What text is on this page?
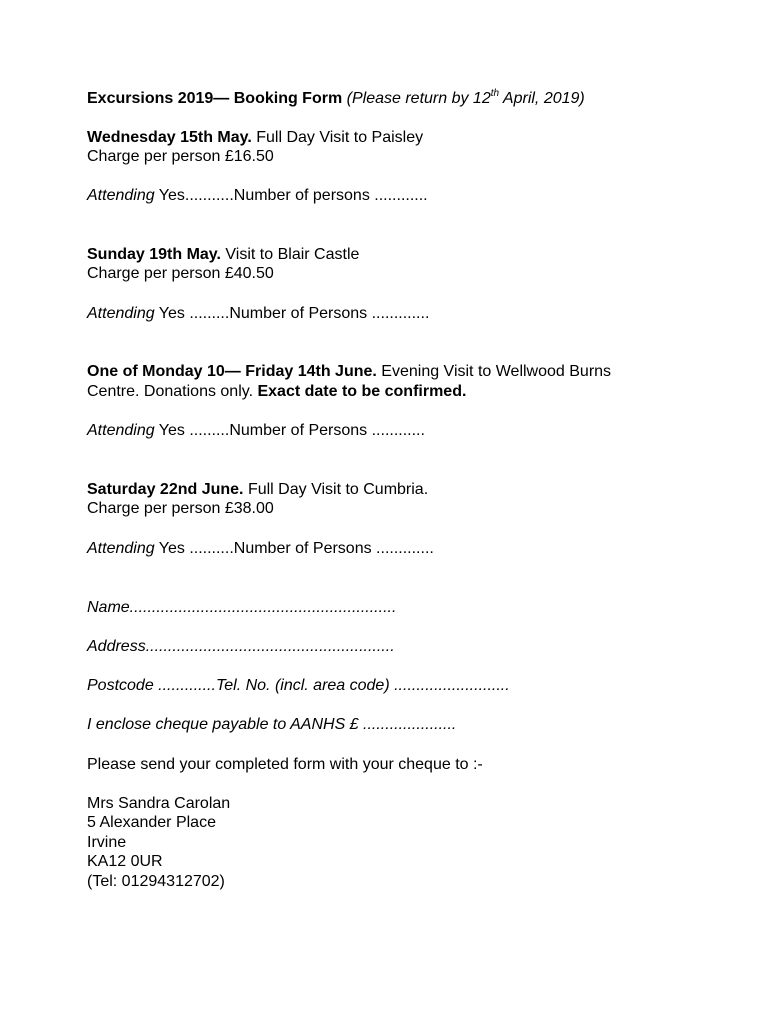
Excursions 2019— Booking Form (Please return by 12th April, 2019)
Wednesday 15th May. Full Day Visit to Paisley
Charge per person £16.50
Attending Yes...........Number of persons ............
Sunday 19th May. Visit to Blair Castle
Charge per person £40.50
Attending Yes .........Number of Persons .............
One of Monday 10— Friday 14th June. Evening Visit to Wellwood Burns
Centre. Donations only. Exact date to be confirmed.
Attending Yes .........Number of Persons ............
Saturday 22nd June. Full Day Visit to Cumbria.
Charge per person £38.00
Attending Yes ..........Number of Persons .............
Name............................................................
Address........................................................
Postcode .............Tel. No. (incl. area code) ..........................
I enclose cheque payable to AANHS £ .....................
Please send your completed form with your cheque to :-
Mrs Sandra Carolan
5 Alexander Place
Irvine
KA12 0UR
(Tel: 01294312702)
